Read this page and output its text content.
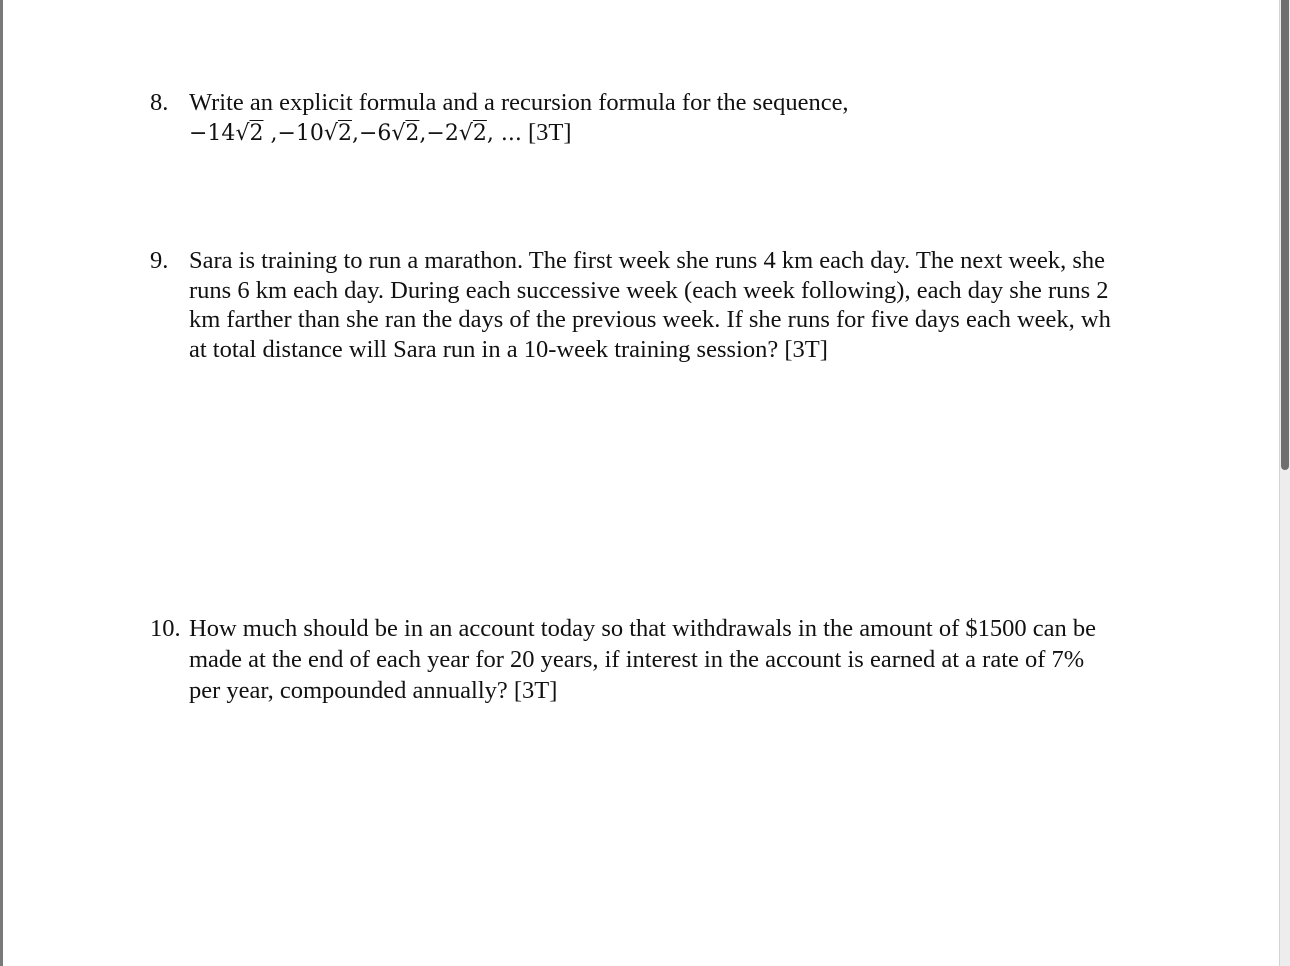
8. Write an explicit formula and a recursion formula for the sequence,
−14√2 ,−10√2,−6√2,−2√2, ... [3T]
9. Sara is training to run a marathon. The first week she runs 4 km each day. The next week, she
runs 6 km each day. During each successive week (each week following), each day she runs 2
km farther than she ran the days of the previous week. If she runs for five days each week, wh
at total distance will Sara run in a 10-week training session? [3T]
10. How much should be in an account today so that withdrawals in the amount of $1500 can be
made at the end of each year for 20 years, if interest in the account is earned at a rate of 7%
per year, compounded annually? [3T]
